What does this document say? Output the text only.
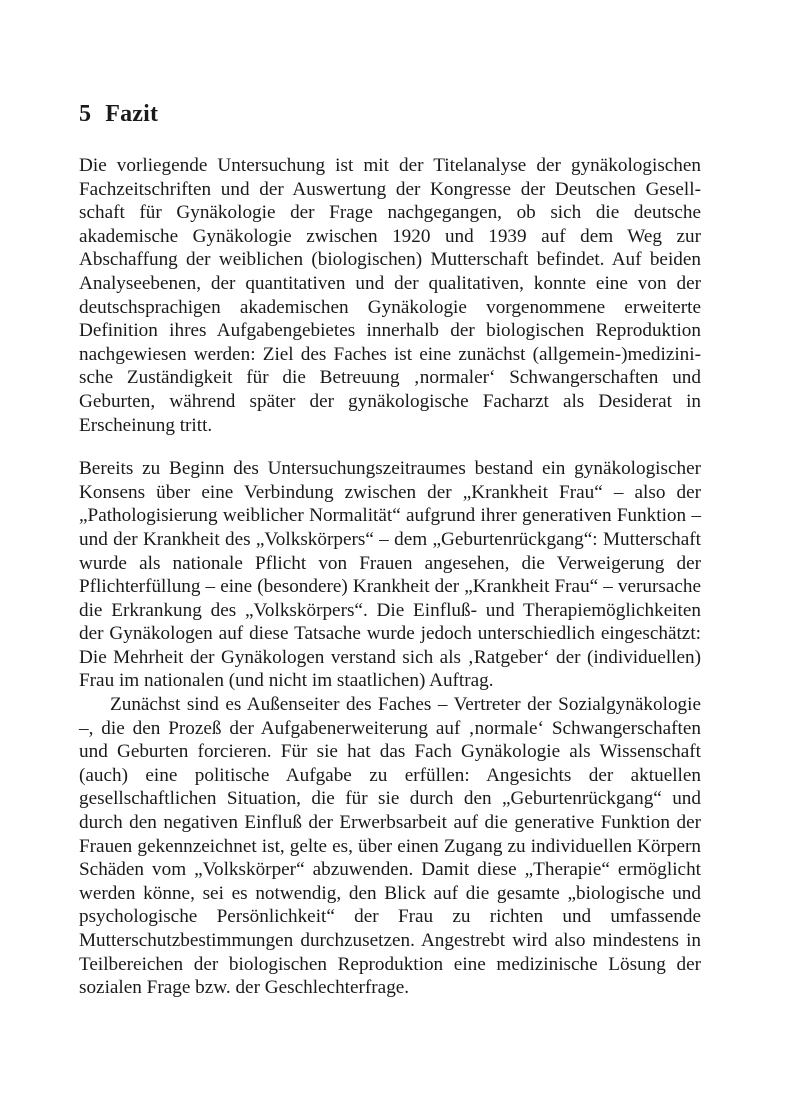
5 Fazit

Die vorliegende Untersuchung ist mit der Titelanalyse der gynäkologischen Fachzeitschriften und der Auswertung der Kongresse der Deutschen Gesellschaft für Gynäkologie der Frage nachgegangen, ob sich die deutsche akademische Gynäkologie zwischen 1920 und 1939 auf dem Weg zur Abschaffung der weiblichen (biologischen) Mutterschaft befindet. Auf beiden Analyseebenen, der quantitativen und der qualitativen, konnte eine von der deutschsprachigen akademischen Gynäkologie vorgenommene erweiterte Definition ihres Aufgabengebietes innerhalb der biologischen Reproduktion nachgewiesen werden: Ziel des Faches ist eine zunächst (allgemein-)medizinische Zuständigkeit für die Betreuung ‚normaler‘ Schwangerschaften und Geburten, während später der gynäkologische Facharzt als Desiderat in Erscheinung tritt.

Bereits zu Beginn des Untersuchungszeitraumes bestand ein gynäkologischer Konsens über eine Verbindung zwischen der „Krankheit Frau“ – also der „Pathologisierung weiblicher Normalität“ aufgrund ihrer generativen Funktion – und der Krankheit des „Volkskörpers“ – dem „Geburtenrückgang“: Mutterschaft wurde als nationale Pflicht von Frauen angesehen, die Verweigerung der Pflichterfüllung – eine (besondere) Krankheit der „Krankheit Frau“ – verursache die Erkrankung des „Volkskörpers“. Die Einfluß- und Therapiemöglichkeiten der Gynäkologen auf diese Tatsache wurde jedoch unterschiedlich eingeschätzt: Die Mehrheit der Gynäkologen verstand sich als ‚Ratgeber‘ der (individuellen) Frau im nationalen (und nicht im staatlichen) Auftrag.

Zunächst sind es Außenseiter des Faches – Vertreter der Sozialgynäkologie –, die den Prozeß der Aufgabenerweiterung auf ‚normale‘ Schwangerschaften und Geburten forcieren. Für sie hat das Fach Gynäkologie als Wissenschaft (auch) eine politische Aufgabe zu erfüllen: Angesichts der aktuellen gesellschaftlichen Situation, die für sie durch den „Geburtenrückgang“ und durch den negativen Einfluß der Erwerbsarbeit auf die generative Funktion der Frauen gekennzeichnet ist, gelte es, über einen Zugang zu individuellen Körpern Schäden vom „Volkskörper“ abzuwenden. Damit diese „Therapie“ ermöglicht werden könne, sei es notwendig, den Blick auf die gesamte „biologische und psychologische Persönlichkeit“ der Frau zu richten und umfassende Mutterschutzbestimmungen durchzusetzen. Angestrebt wird also mindestens in Teilbereichen der biologischen Reproduktion eine medizinische Lösung der sozialen Frage bzw. der Geschlechterfrage.
